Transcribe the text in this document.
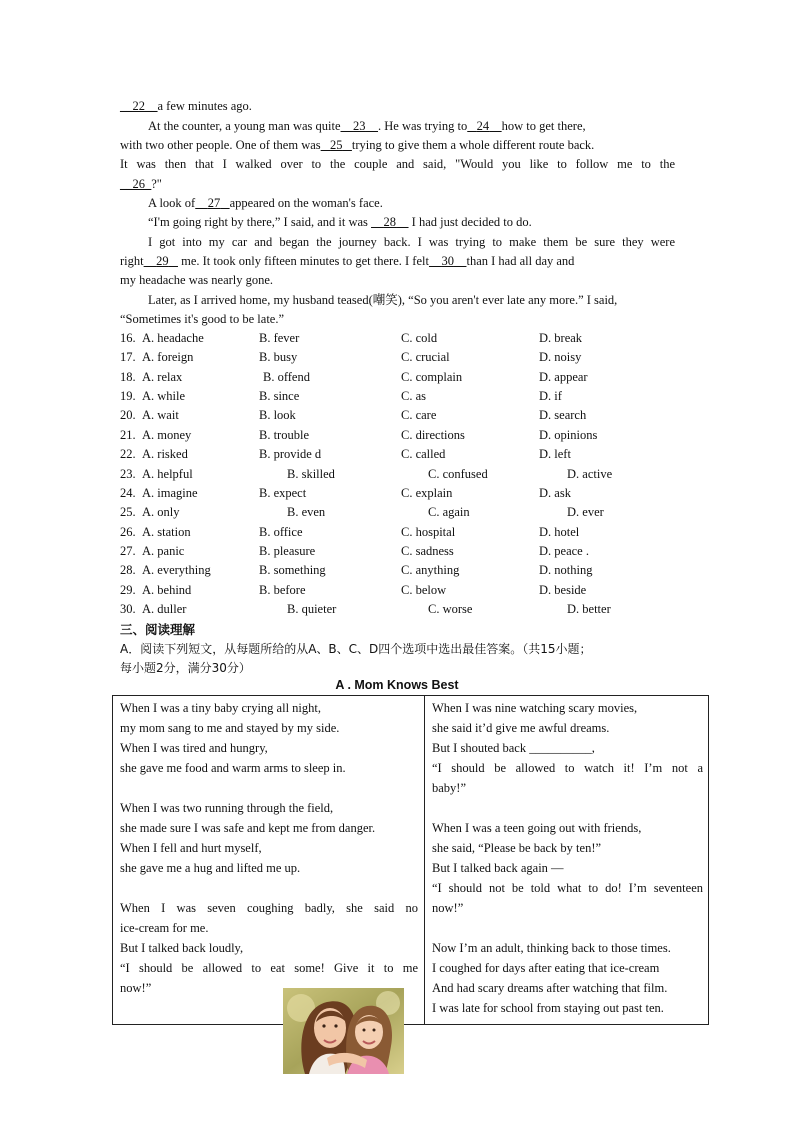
__22__a few minutes ago.
At the counter, a young man was quite 23 . He was trying to 24 how to get there,
with two other people. One of them was 25 trying to give them a whole different route back.
It was then that I walked over to the couple and said, "Would you like to follow me to the
__26_?"
A look of 27 appeared on the woman's face.
“I'm going right by there,” I said, and it was 28 I had just decided to do.
I got into my car and began the journey back. I was trying to make them be sure they were
right 29 me. It took only fifteen minutes to get there. I felt 30 than I had all day and
my headache was nearly gone.
Later, as I arrived home, my husband teased(嘲笑), “So you aren't ever late any more.” I said,
“Sometimes it's good to be late.”
16. A. headache	B. fever	C. cold	D. break
17. A. foreign	B. busy	C. crucial	D. noisy
18. A. relax	B. offend	C. complain	D. appear
19. A. while	B. since	C. as	D. if
20. A. wait	B. look	C. care	D. search
21. A. money	B. trouble	C. directions	D. opinions
22. A. risked	B. provide d	C. called	D. left
23. A. helpful	B. skilled	C. confused	D. active
24. A. imagine	B. expect	C. explain	D. ask
25. A. only	B. even	C. again	D. ever
26. A. station	B. office	C. hospital	D. hotel
27. A. panic	B. pleasure	C. sadness	D. peace .
28. A. everything	B. something	C. anything	D. nothing
29. A. behind	B. before	C. below	D. beside
30. A. duller	B. quieter	C. worse	D. better
三、阅读理解
A．阅读下列短文，从每题所给的从A、B、C、D四个选项中选出最佳答案。（共15小题；
每小题2分，满分30分）
A . Mom Knows Best
When I was a tiny baby crying all night,
my mom sang to me and stayed by my side.
When I was tired and hungry,
she gave me food and warm arms to sleep in.
When I was two running through the field,
she made sure I was safe and kept me from danger.
When I fell and hurt myself,
she gave me a hug and lifted me up.
When I was seven coughing badly, she said no
ice-cream for me.
But I talked back loudly,
“I should be allowed to eat some! Give it to me
now!”
When I was nine watching scary movies,
she said it’d give me awful dreams.
But I shouted back __________,
“I should be allowed to watch it! I’m not a
baby!”
When I was a teen going out with friends,
she said, “Please be back by ten!”
But I talked back again —
“I should not be told what to do! I’m seventeen
now!”
Now I’m an adult, thinking back to those times.
I coughed for days after eating that ice-cream
And had scary dreams after watching that film.
I was late for school from staying out past ten.
